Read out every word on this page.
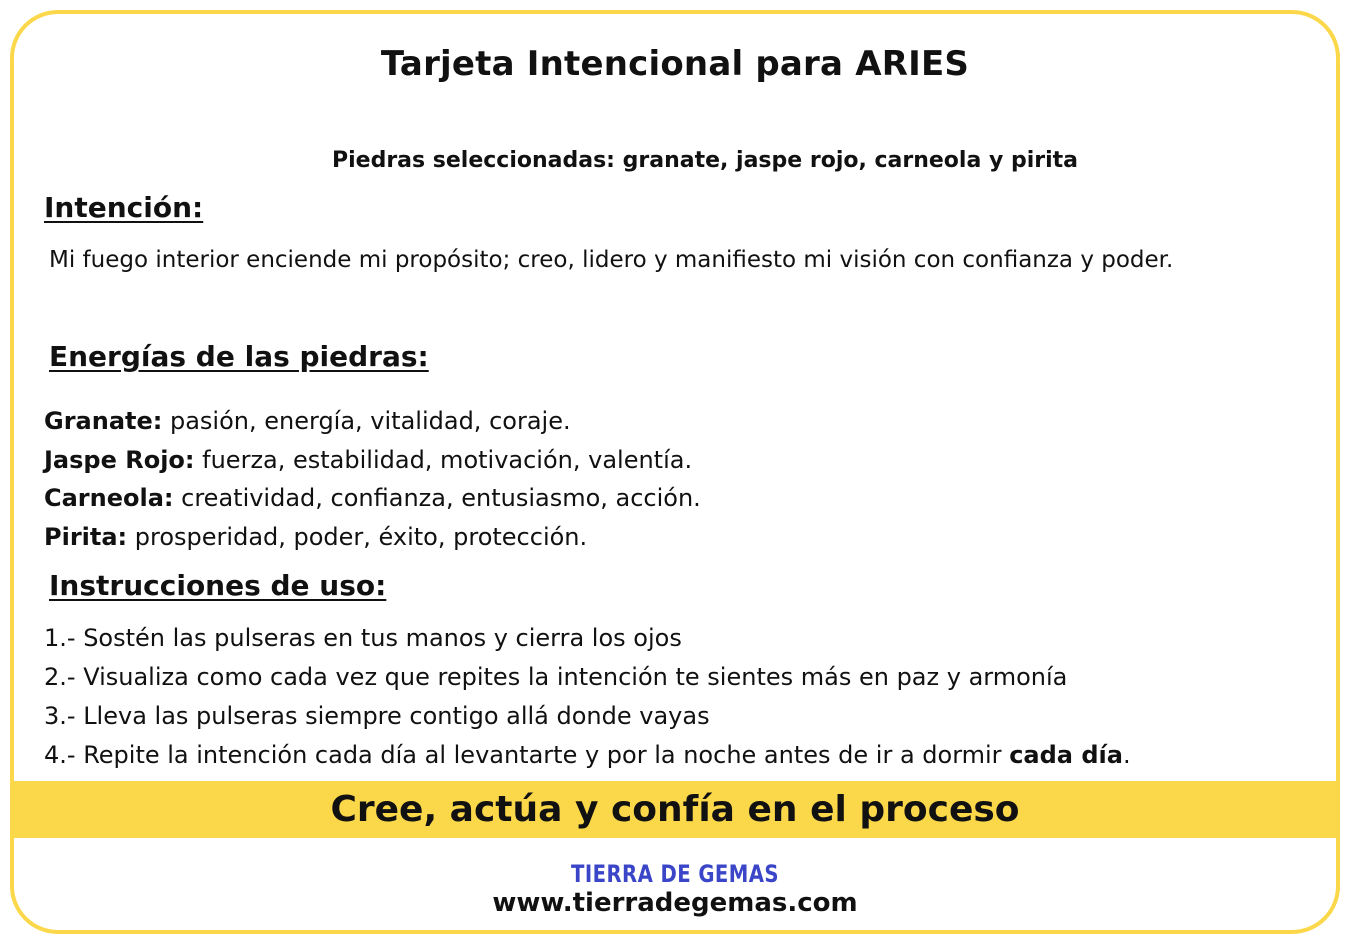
Tarjeta Intencional para ARIES
Piedras seleccionadas: granate, jaspe rojo, carneola y pirita
Intención:
Mi fuego interior enciende mi propósito; creo, lidero y manifiesto mi visión con confianza y poder.
Energías de las piedras:
Granate: pasión, energía, vitalidad, coraje.
Jaspe Rojo: fuerza, estabilidad, motivación, valentía.
Carneola: creatividad, confianza, entusiasmo, acción.
Pirita: prosperidad, poder, éxito, protección.
Instrucciones de uso:
1.- Sostén las pulseras en tus manos y cierra los ojos
2.- Visualiza como cada vez que repites la intención te sientes más en paz y armonía
3.- Lleva las pulseras siempre contigo allá donde vayas
4.- Repite la intención cada día al levantarte y por la noche antes de ir a dormir cada día.
Cree, actúa y confía en el proceso
TIERRA DE GEMAS
www.tierradegemas.com
